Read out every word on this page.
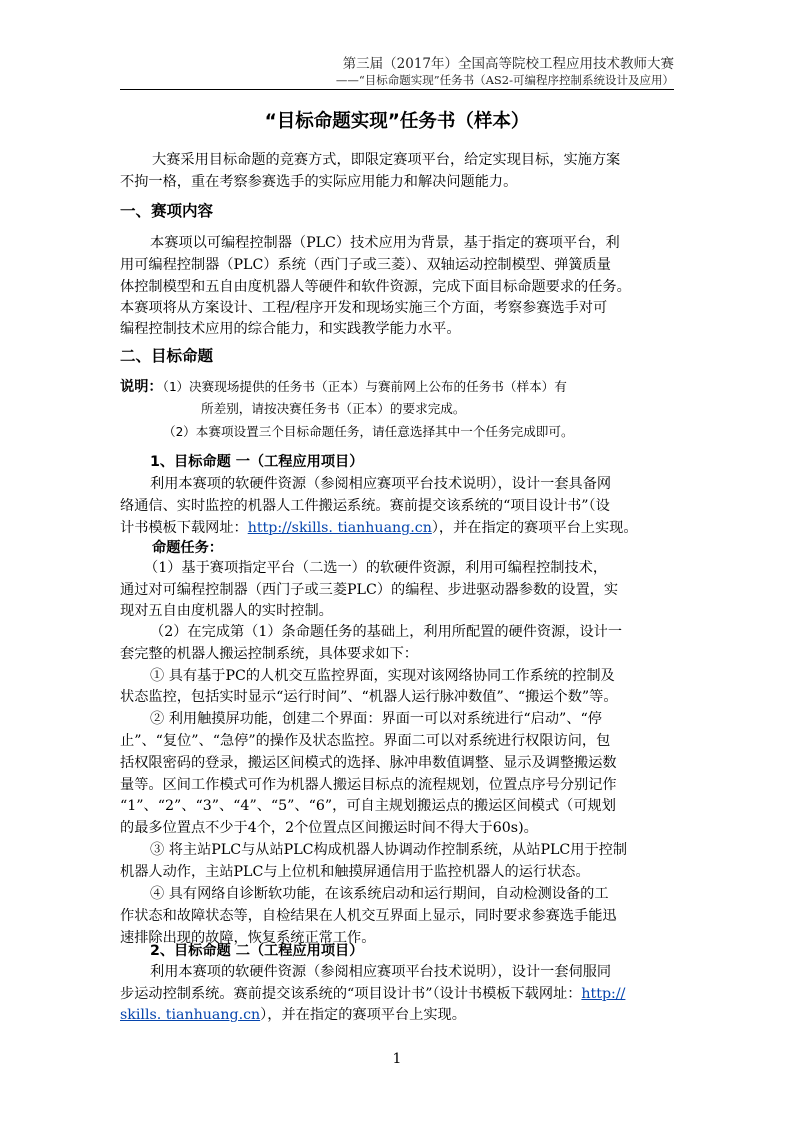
第三届（2017年）全国高等院校工程应用技术教师大赛
——“目标命题实现”任务书（AS2-可编程序控制系统设计及应用）
“目标命题实现”任务书（样本）
大赛采用目标命题的竞赛方式，即限定赛项平台，给定实现目标，实施方案
不拘一格，重在考察参赛选手的实际应用能力和解决问题能力。
一、赛项内容
本赛项以可编程控制器（PLC）技术应用为背景，基于指定的赛项平台，利
用可编程控制器（PLC）系统（西门子或三菱）、双轴运动控制模型、弹簧质量
体控制模型和五自由度机器人等硬件和软件资源，完成下面目标命题要求的任务。
本赛项将从方案设计、工程/程序开发和现场实施三个方面，考察参赛选手对可
编程控制技术应用的综合能力，和实践教学能力水平。
二、目标命题
说明：（1）决赛现场提供的任务书（正本）与赛前网上公布的任务书（样本）有
所差别，请按决赛任务书（正本）的要求完成。
（2）本赛项设置三个目标命题任务，请任意选择其中一个任务完成即可。
1、目标命题 一（工程应用项目）
利用本赛项的软硬件资源（参阅相应赛项平台技术说明），设计一套具备网
络通信、实时监控的机器人工件搬运系统。赛前提交该系统的“项目设计书”（设
计书模板下载网址：http://skills. tianhuang.cn），并在指定的赛项平台上实现。
命题任务：
（1）基于赛项指定平台（二选一）的软硬件资源，利用可编程控制技术，
通过对可编程控制器（西门子或三菱PLC）的编程、步进驱动器参数的设置，实
现对五自由度机器人的实时控制。
（2）在完成第（1）条命题任务的基础上，利用所配置的硬件资源，设计一
套完整的机器人搬运控制系统，具体要求如下：
① 具有基于PC的人机交互监控界面，实现对该网络协同工作系统的控制及
状态监控，包括实时显示“运行时间”、“机器人运行脉冲数值”、“搬运个数”等。
② 利用触摸屏功能，创建二个界面：界面一可以对系统进行“启动”、“停
止”、“复位”、“急停”的操作及状态监控。界面二可以对系统进行权限访问，包
括权限密码的登录，搬运区间模式的选择、脉冲串数值调整、显示及调整搬运数
量等。区间工作模式可作为机器人搬运目标点的流程规划，位置点序号分别记作
“1”、“2”、“3”、“4”、“5”、“6”，可自主规划搬运点的搬运区间模式（可规划
的最多位置点不少于4个，2个位置点区间搬运时间不得大于60s)。
③ 将主站PLC与从站PLC构成机器人协调动作控制系统，从站PLC用于控制
机器人动作，主站PLC与上位机和触摸屏通信用于监控机器人的运行状态。
④ 具有网络自诊断软功能，在该系统启动和运行期间，自动检测设备的工
作状态和故障状态等，自检结果在人机交互界面上显示，同时要求参赛选手能迅
速排除出现的故障，恢复系统正常工作。
2、目标命题 二（工程应用项目）
利用本赛项的软硬件资源（参阅相应赛项平台技术说明），设计一套伺服同
步运动控制系统。赛前提交该系统的“项目设计书”（设计书模板下载网址：http://
skills. tianhuang.cn），并在指定的赛项平台上实现。
1
